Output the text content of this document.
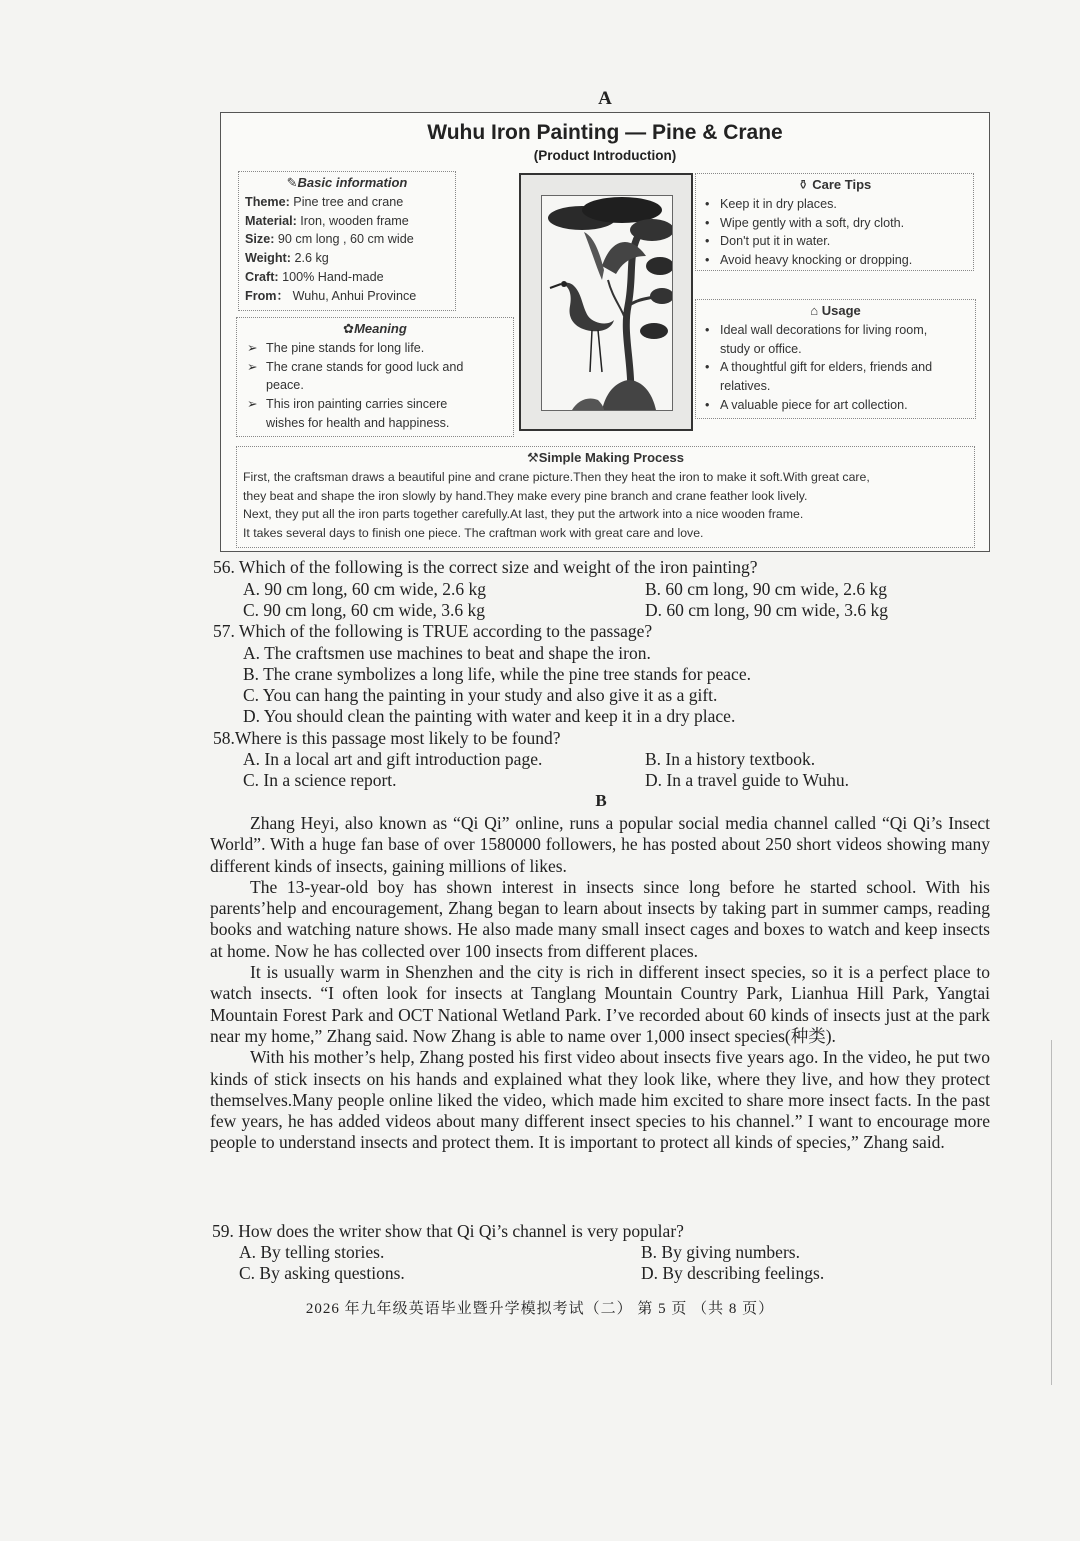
A
Wuhu Iron Painting — Pine & Crane
(Product Introduction)
✎Basic information
Theme: Pine tree and crane
Material: Iron, wooden frame
Size: 90 cm long , 60 cm wide
Weight: 2.6 kg
Craft: 100% Hand-made
From： Wuhu, Anhui Province
✿Meaning
➢ The pine stands for long life.
➢ The crane stands for good luck and peace.
➢ This iron painting carries sincere wishes for health and happiness.
⚱ Care Tips
• Keep it in dry places.
• Wipe gently with a soft, dry cloth.
• Don't put it in water.
• Avoid heavy knocking or dropping.
⌂ Usage
• Ideal wall decorations for living room, study or office.
• A thoughtful gift for elders, friends and relatives.
• A valuable piece for art collection.
⚒Simple Making Process
First, the craftsman draws a beautiful pine and crane picture.Then they heat the iron to make it soft.With great care,
they beat and shape the iron slowly by hand.They make every pine branch and crane feather look lively.
Next, they put all the iron parts together carefully.At last, they put the artwork into a nice wooden frame.
It takes several days to finish one piece. The craftman work with great care and love.
56. Which of the following is the correct size and weight of the iron painting?
A. 90 cm long, 60 cm wide, 2.6 kg	B. 60 cm long, 90 cm wide, 2.6 kg
C. 90 cm long, 60 cm wide, 3.6 kg	D. 60 cm long, 90 cm wide, 3.6 kg
57. Which of the following is TRUE according to the passage?
A. The craftsmen use machines to beat and shape the iron.
B. The crane symbolizes a long life, while the pine tree stands for peace.
C. You can hang the painting in your study and also give it as a gift.
D. You should clean the painting with water and keep it in a dry place.
58.Where is this passage most likely to be found?
A. In a local art and gift introduction page.	B. In a history textbook.
C. In a science report.	D. In a travel guide to Wuhu.
B

Zhang Heyi, also known as “Qi Qi” online, runs a popular social media channel called “Qi Qi’s Insect World”. With a huge fan base of over 1580000 followers, he has posted about 250 short videos showing many different kinds of insects, gaining millions of likes.

The 13-year-old boy has shown interest in insects since long before he started school. With his parents’help and encouragement, Zhang began to learn about insects by taking part in summer camps, reading books and watching nature shows. He also made many small insect cages and boxes to watch and keep insects at home. Now he has collected over 100 insects from different places.

It is usually warm in Shenzhen and the city is rich in different insect species, so it is a perfect place to watch insects. “I often look for insects at Tanglang Mountain Country Park, Lianhua Hill Park, Yangtai Mountain Forest Park and OCT National Wetland Park. I’ve recorded about 60 kinds of insects just at the park near my home,” Zhang said. Now Zhang is able to name over 1,000 insect species(种类).

With his mother’s help, Zhang posted his first video about insects five years ago. In the video, he put two kinds of stick insects on his hands and explained what they look like, where they live, and how they protect themselves.Many people online liked the video, which made him excited to share more insect facts. In the past few years, he has added videos about many different insect species to his channel.” I want to encourage more people to understand insects and protect them. It is important to protect all kinds of species,” Zhang said.

59. How does the writer show that Qi Qi’s channel is very popular?
A. By telling stories.	B. By giving numbers.
C. By asking questions.	D. By describing feelings.
2026 年九年级英语毕业暨升学模拟考试（二） 第 5 页 （共 8 页）
